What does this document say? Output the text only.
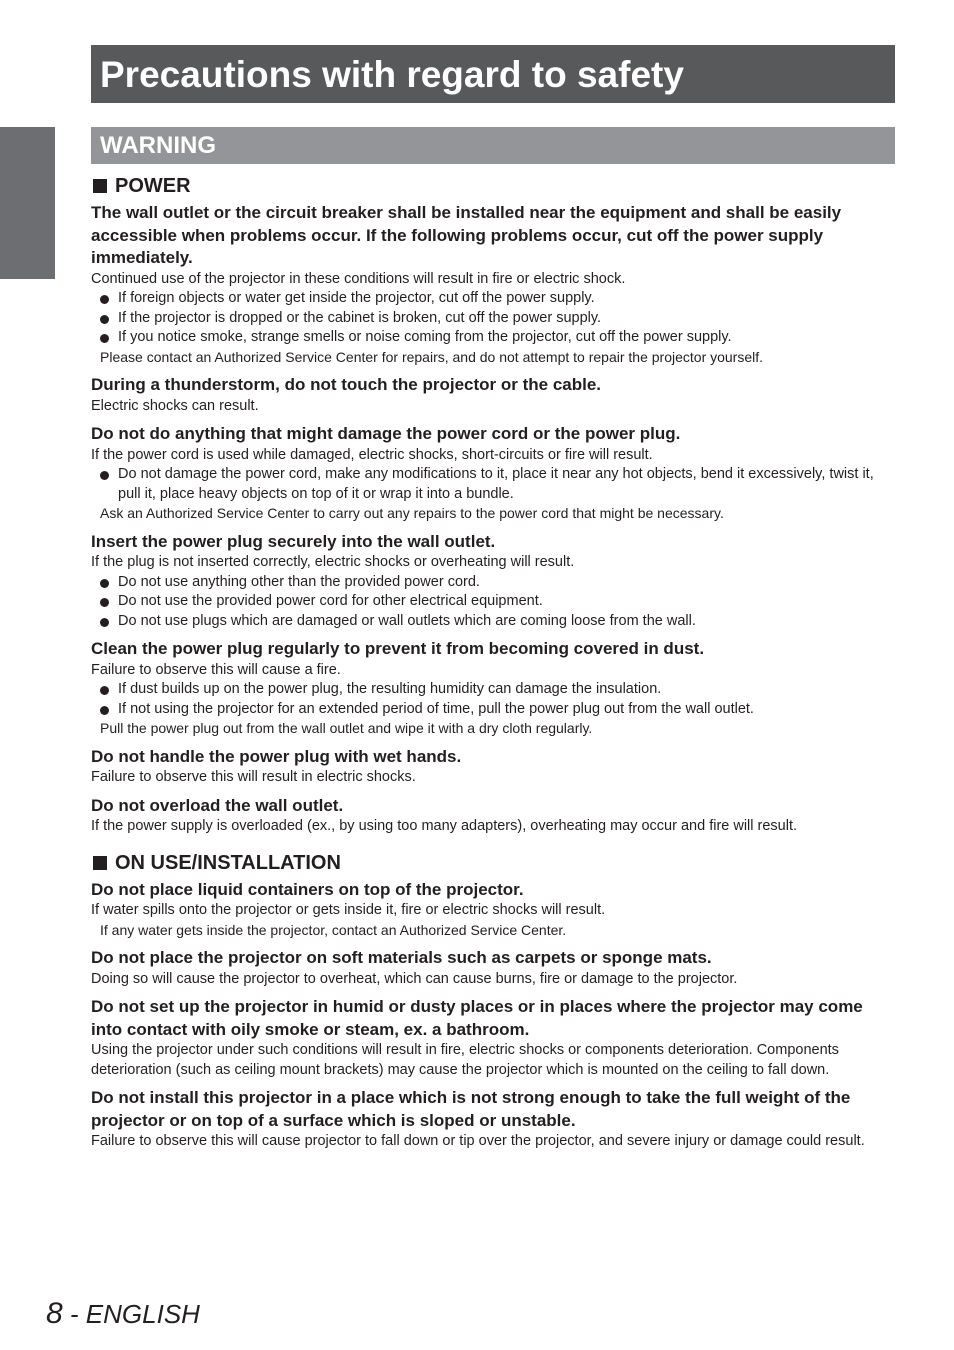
Important
Information
Precautions with regard to safety
WARNING
POWER
The wall outlet or the circuit breaker shall be installed near the equipment and shall be easily accessible when problems occur. If the following problems occur, cut off the power supply immediately.
Continued use of the projector in these conditions will result in fire or electric shock.
If foreign objects or water get inside the projector, cut off the power supply.
If the projector is dropped or the cabinet is broken, cut off the power supply.
If you notice smoke, strange smells or noise coming from the projector, cut off the power supply.
Please contact an Authorized Service Center for repairs, and do not attempt to repair the projector yourself.
During a thunderstorm, do not touch the projector or the cable.
Electric shocks can result.
Do not do anything that might damage the power cord or the power plug.
If the power cord is used while damaged, electric shocks, short-circuits or fire will result.
Do not damage the power cord, make any modifications to it, place it near any hot objects, bend it excessively, twist it, pull it, place heavy objects on top of it or wrap it into a bundle.
Ask an Authorized Service Center to carry out any repairs to the power cord that might be necessary.
Insert the power plug securely into the wall outlet.
If the plug is not inserted correctly, electric shocks or overheating will result.
Do not use anything other than the provided power cord.
Do not use the provided power cord for other electrical equipment.
Do not use plugs which are damaged or wall outlets which are coming loose from the wall.
Clean the power plug regularly to prevent it from becoming covered in dust.
Failure to observe this will cause a fire.
If dust builds up on the power plug, the resulting humidity can damage the insulation.
If not using the projector for an extended period of time, pull the power plug out from the wall outlet.
Pull the power plug out from the wall outlet and wipe it with a dry cloth regularly.
Do not handle the power plug with wet hands.
Failure to observe this will result in electric shocks.
Do not overload the wall outlet.
If the power supply is overloaded (ex., by using too many adapters), overheating may occur and fire will result.
ON USE/INSTALLATION
Do not place liquid containers on top of the projector.
If water spills onto the projector or gets inside it, fire or electric shocks will result.
If any water gets inside the projector, contact an Authorized Service Center.
Do not place the projector on soft materials such as carpets or sponge mats.
Doing so will cause the projector to overheat, which can cause burns, fire or damage to the projector.
Do not set up the projector in humid or dusty places or in places where the projector may come into contact with oily smoke or steam, ex. a bathroom.
Using the projector under such conditions will result in fire, electric shocks or components deterioration. Components deterioration (such as ceiling mount brackets) may cause the projector which is mounted on the ceiling to fall down.
Do not install this projector in a place which is not strong enough to take the full weight of the projector or on top of a surface which is sloped or unstable.
Failure to observe this will cause projector to fall down or tip over the projector, and severe injury or damage could result.
8 - ENGLISH
